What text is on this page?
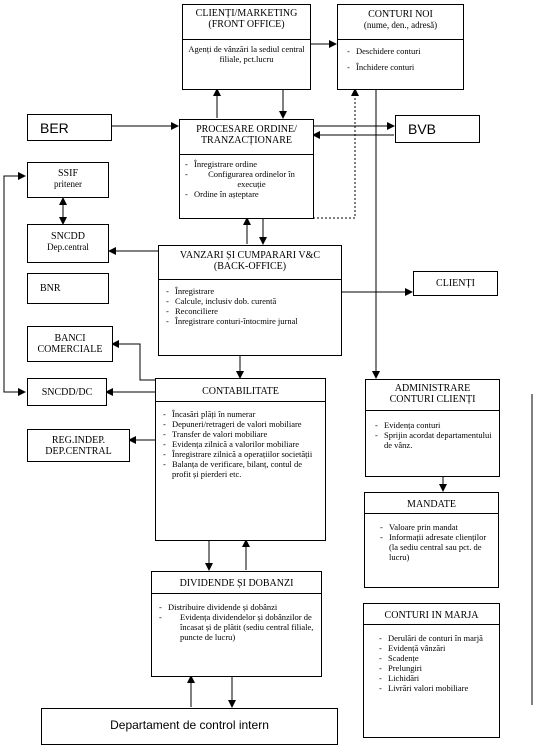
CLIENȚI/MARKETING (FRONT OFFICE)
Agenți de vânzări la sediul central filiale, pct.lucru
CONTURI NOI
(nume, den., adresă)
- Deschidere conturi
- Închidere conturi
BER	BVB
PROCESARE ORDINE/ TRANZACȚIONARE
- Înregistrare ordine
- Configurarea ordinelor în execuție
- Ordine în așteptare
SSIF
pritener
SNCDD
Dep.central
VANZARI ȘI CUMPARARI V&C (BACK-OFFICE)
- Înregistrare
- Calcule, inclusiv dob. curentă
- Reconciliere
- Înregistrare conturi-întocmire jurnal
BNR	CLIENȚI
BANCI COMERCIALE
SNCDD/DC	CONTABILITATE
- Încasări plăți în numerar
- Depuneri/retrageri de valori mobiliare
- Transfer de valori mobiliare
- Evidența zilnică a valorilor mobiliare
- Înregistrare zilnică a operațiilor societății
- Balanța de verificare, bilanț, contul de profit și pierderi etc.
REG.INDEP. DEP.CENTRAL
ADMINISTRARE CONTURI CLIENȚI
- Evidența conturi
- Sprijin acordat departamentului de vânz.
MANDATE
- Valoare prin mandat
- Informații adresate clienților (la sediu central sau pct. de lucru)
DIVIDENDE ȘI DOBANZI
- Distribuire dividende și dobânzi
- Evidența dividendelor și dobânzilor de încasat și de plătit (sediu central filiale, puncte de lucru)
CONTURI IN MARJA
- Derulări de conturi în marjă
- Evidență vânzări
- Scadențe
- Prelungiri
- Lichidări
- Livrări valori mobiliare
Departament de control intern
